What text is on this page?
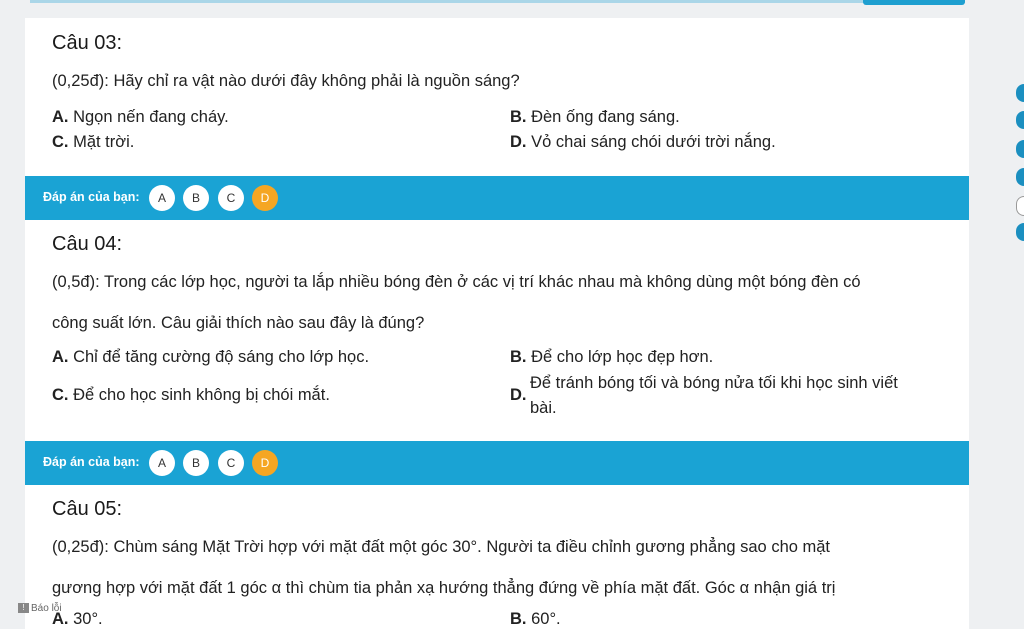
Câu 03:
(0,25đ): Hãy chỉ ra vật nào dưới đây không phải là nguồn sáng?
A. Ngọn nến đang cháy.	B. Đèn ống đang sáng.
C. Mặt trời.	D. Vỏ chai sáng chói dưới trời nắng.
Đáp án của bạn:	A	B	C	D
Câu 04:
(0,5đ): Trong các lớp học, người ta lắp nhiều bóng đèn ở các vị trí khác nhau mà không dùng một bóng đèn có
công suất lớn. Câu giải thích nào sau đây là đúng?
A. Chỉ để tăng cường độ sáng cho lớp học.	B. Để cho lớp học đẹp hơn.
C. Để cho học sinh không bị chói mắt.	D.
Để tránh bóng tối và bóng nửa tối khi học sinh viết
bài.
Đáp án của bạn:	A	B	C	D
Câu 05:
(0,25đ): Chùm sáng Mặt Trời hợp với mặt đất một góc 30°. Người ta điều chỉnh gương phẳng sao cho mặt
gương hợp với mặt đất 1 góc α thì chùm tia phản xạ hướng thẳng đứng về phía mặt đất. Góc α nhận giá trị
A. 30°.	B. 60°.
! Báo lỗi
